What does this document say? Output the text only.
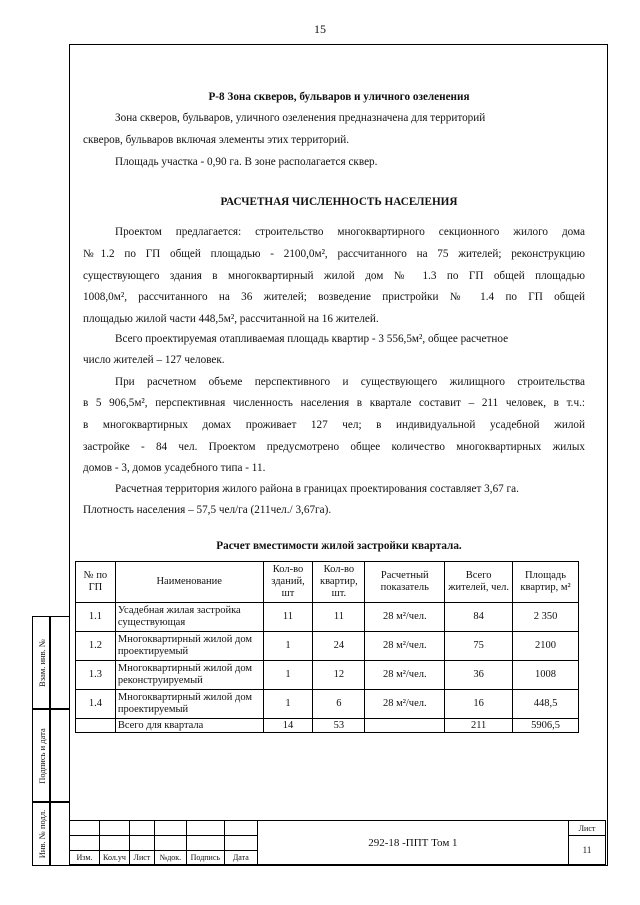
15
Р-8 Зона скверов, бульваров и уличного озеленения
Зона скверов, бульваров, уличного озеленения предназначена для территорий
скверов, бульваров включая элементы этих территорий.
Площадь участка - 0,90 га. В зоне располагается сквер.
РАСЧЕТНАЯ ЧИСЛЕННОСТЬ НАСЕЛЕНИЯ
Проектом предлагается: строительство многоквартирного секционного жилого дома
№1.2 по ГП общей площадью - 2100,0м², рассчитанного на 75 жителей; реконструкцию
существующего здания в многоквартирный жилой дом № 1.3 по ГП общей площадью
1008,0м², рассчитанного на 36 жителей; возведение пристройки № 1.4 по ГП общей
площадью жилой части 448,5м², рассчитанной на 16 жителей.
Всего проектируемая отапливаемая площадь квартир - 3 556,5м², общее расчетное
число жителей – 127 человек.
При расчетном объеме перспективного и существующего жилищного строительства
в 5 906,5м², перспективная численность населения в квартале составит – 211 человек, в т.ч.:
в многоквартирных домах проживает 127 чел; в индивидуальной усадебной жилой
застройке - 84 чел. Проектом предусмотрено общее количество многоквартирных жилых
домов - 3, домов усадебного типа - 11.
Расчетная территория жилого района в границах проектирования составляет 3,67 га.
Плотность населения – 57,5 чел/га (211чел./ 3,67га).
Расчет вместимости жилой застройки квартала.
№ по ГП	Наименование	Кол-во зданий, шт	Кол-во квартир, шт.	Расчетный показатель	Всего жителей, чел.	Площадь квартир, м²
1.1	Усадебная жилая застройка существующая	11	11	28 м²/чел.	84	2 350
1.2	Многоквартирный жилой дом проектируемый	1	24	28 м²/чел.	75	2100
1.3	Многоквартирный жилой дом реконструируемый	1	12	28 м²/чел.	36	1008
1.4	Многоквартирный жилой дом проектируемый	1	6	28 м²/чел.	16	448,5
	Всего для квартала	14	53		211	5906,5
Взам. инв. №
Подпись и дата
Инв. № подл.
							292-18 -ППТ Том 1	Лист
							11
Изм.	Кол.уч	Лист	№док.	Подпись	Дата		
